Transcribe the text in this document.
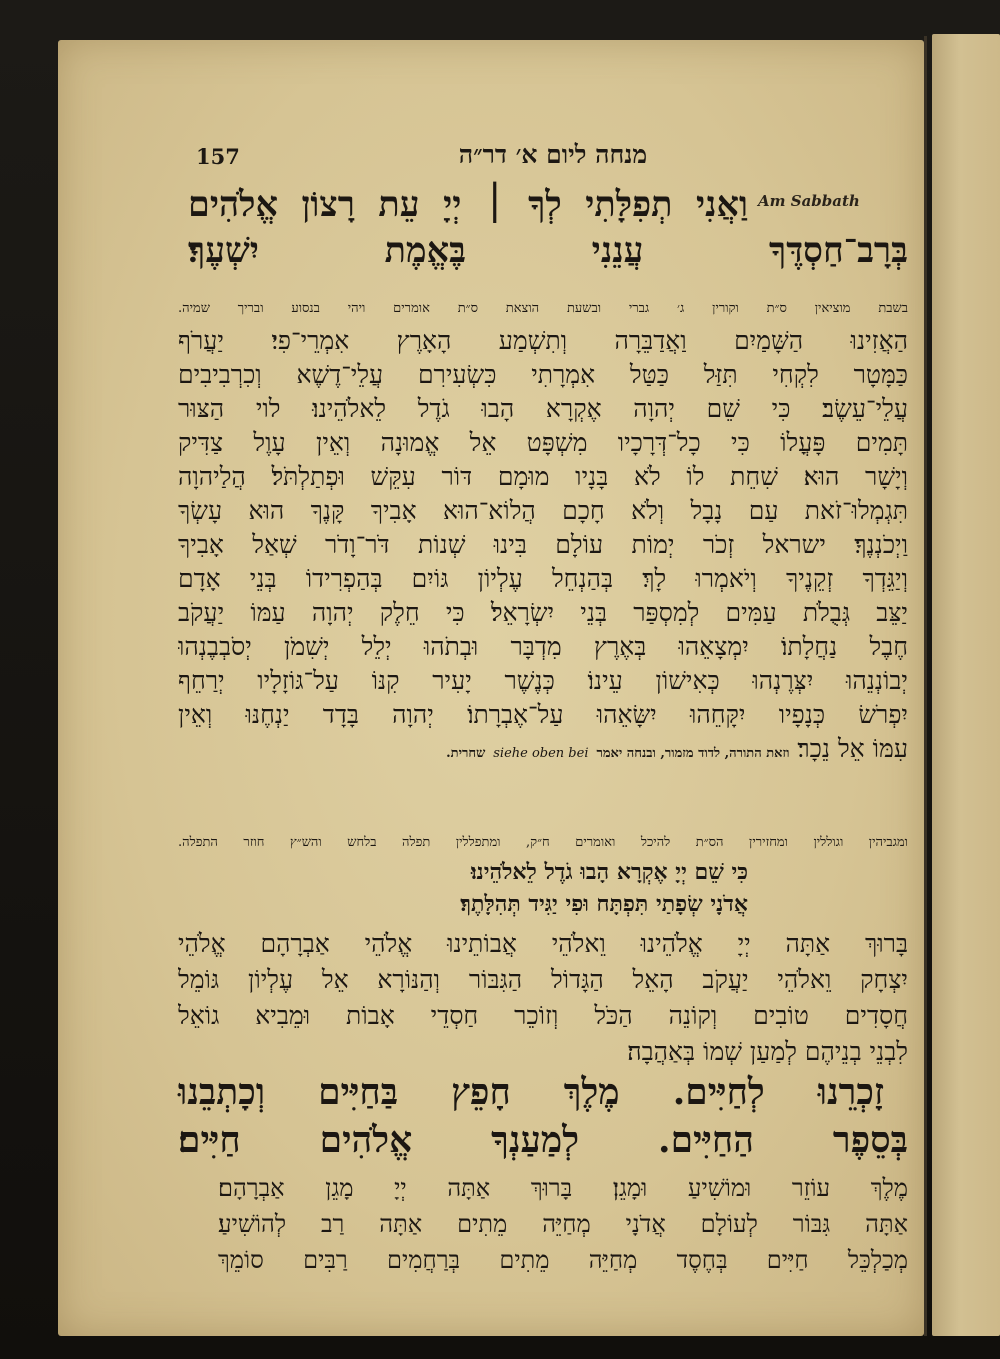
157	מנחה ליום א׳ דר״ה
Am Sabbath
וַאֲנִי תְפִלָּתִי לְךָ ׀ יְיָ עֵת רָצוֹן אֱלֹהִים
בְּרָב־חַסְדֶּךָ עֲנֵנִי בֶּאֱמֶת יִשְׁעֶךָ׃
בשבת מוציאין ס״ת וקורין ג׳ גברי ובשעת הוצאת ס״ת אומרים ויהי בנסוע ובריך שמיה.
הַאֲזִינוּ הַשָּׁמַיִם וַאֲדַבֵּרָה וְתִשְׁמַע הָאָרֶץ אִמְרֵי־פִי׃ יַעֲרֹף
כַּמָּטָר לִקְחִי תִּזַּל כַּטַּל אִמְרָתִי כִּשְׂעִירִם עֲלֵי־דֶשֶׁא וְכִרְבִיבִים
עֲלֵי־עֵשֶׂב׃ כִּי שֵׁם יְהוָה אֶקְרָא הָבוּ גֹדֶל לֵאלֹהֵינוּ׃ לוי הַצּוּר
תָּמִים פָּעֳלוֹ כִּי כָל־דְּרָכָיו מִשְׁפָּט אֵל אֱמוּנָה וְאֵין עָוֶל צַדִּיק
וְיָשָׁר הוּא׃ שִׁחֵת לוֹ לֹא בָּנָיו מוּמָם דּוֹר עִקֵּשׁ וּפְתַלְתֹּל׃ הֲלַיהוָה
תִּגְמְלוּ־זֹאת עַם נָבָל וְלֹא חָכָם הֲלוֹא־הוּא אָבִיךָ קָּנֶךָ הוּא עָשְׂךָ
וַיְכֹנְנֶךָ׃ ישראל זְכֹר יְמוֹת עוֹלָם בִּינוּ שְׁנוֹת דֹּר־וָדֹר שְׁאַל אָבִיךָ
וְיַגֵּדְךָ זְקֵנֶיךָ וְיֹאמְרוּ לָךְ׃ בְּהַנְחֵל עֶלְיוֹן גּוֹיִם בְּהַפְרִידוֹ בְּנֵי אָדָם
יַצֵּב גְּבֻלֹת עַמִּים לְמִסְפַּר בְּנֵי יִשְׂרָאֵל׃ כִּי חֵלֶק יְהוָה עַמּוֹ יַעֲקֹב
חֶבֶל נַחֲלָתוֹ׃ יִמְצָאֵהוּ בְּאֶרֶץ מִדְבָּר וּבְתֹהוּ יְלֵל יְשִׁמֹן יְסֹבְבֶנְהוּ
יְבוֹנְנֵהוּ יִצְּרֶנְהוּ כְּאִישׁוֹן עֵינוֹ׃ כְּנֶשֶׁר יָעִיר קִנּוֹ עַל־גּוֹזָלָיו יְרַחֵף
יִפְרֹשׂ כְּנָפָיו יִקָּחֵהוּ יִשָּׂאֵהוּ עַל־אֶבְרָתוֹ׃ יְהוָה בָּדָד יַנְחֶנּוּ וְאֵין
עִמּוֹ אֵל נֵכָר׃ וזאת התורה, לדוד מזמור, ובנחה יאמר siehe oben bei שחרית.
ומגביהין וגוללין ומחזירין הס״ת להיכל ואומרים ח״ק, ומתפללין תפלה בלחש והש״ץ חוזר התפלה.
כִּי שֵׁם יְיָ אֶקְרָא הָבוּ גֹדֶל לֵאלֹהֵינוּ׃
אֲדֹנָי שְׂפָתַי תִּפְתָּח וּפִי יַגִּיד תְּהִלָּתֶךָ׃
בָּרוּךְ אַתָּה יְיָ אֱלֹהֵינוּ וֵאלֹהֵי אֲבוֹתֵינוּ אֱלֹהֵי אַבְרָהָם אֱלֹהֵי
יִצְחָק וֵאלֹהֵי יַעֲקֹב הָאֵל הַגָּדוֹל הַגִּבּוֹר וְהַנּוֹרָא אֵל עֶלְיוֹן גּוֹמֵל
חֲסָדִים טוֹבִים וְקוֹנֵה הַכֹּל וְזוֹכֵר חַסְדֵי אָבוֹת וּמֵבִיא גוֹאֵל
לִבְנֵי בְנֵיהֶם לְמַעַן שְׁמוֹ בְּאַהֲבָה׃
זָכְרֵנוּ לְחַיִּים. מֶלֶךְ חָפֵץ בַּחַיִּים וְכָתְבֵנוּ
בְּסֵפֶר הַחַיִּים. לְמַעַנְךָ אֱלֹהִים חַיִּים׃
מֶלֶךְ עוֹזֵר וּמוֹשִׁיעַ וּמָגֵן׃ בָּרוּךְ אַתָּה יְיָ מָגֵן אַבְרָהָם׃
אַתָּה גִּבּוֹר לְעוֹלָם אֲדֹנָי מְחַיֵּה מֵתִים אַתָּה רַב לְהוֹשִׁיעַ׃
מְכַלְכֵּל חַיִּים בְּחֶסֶד מְחַיֵּה מֵתִים בְּרַחֲמִים רַבִּים סוֹמֵךְ
